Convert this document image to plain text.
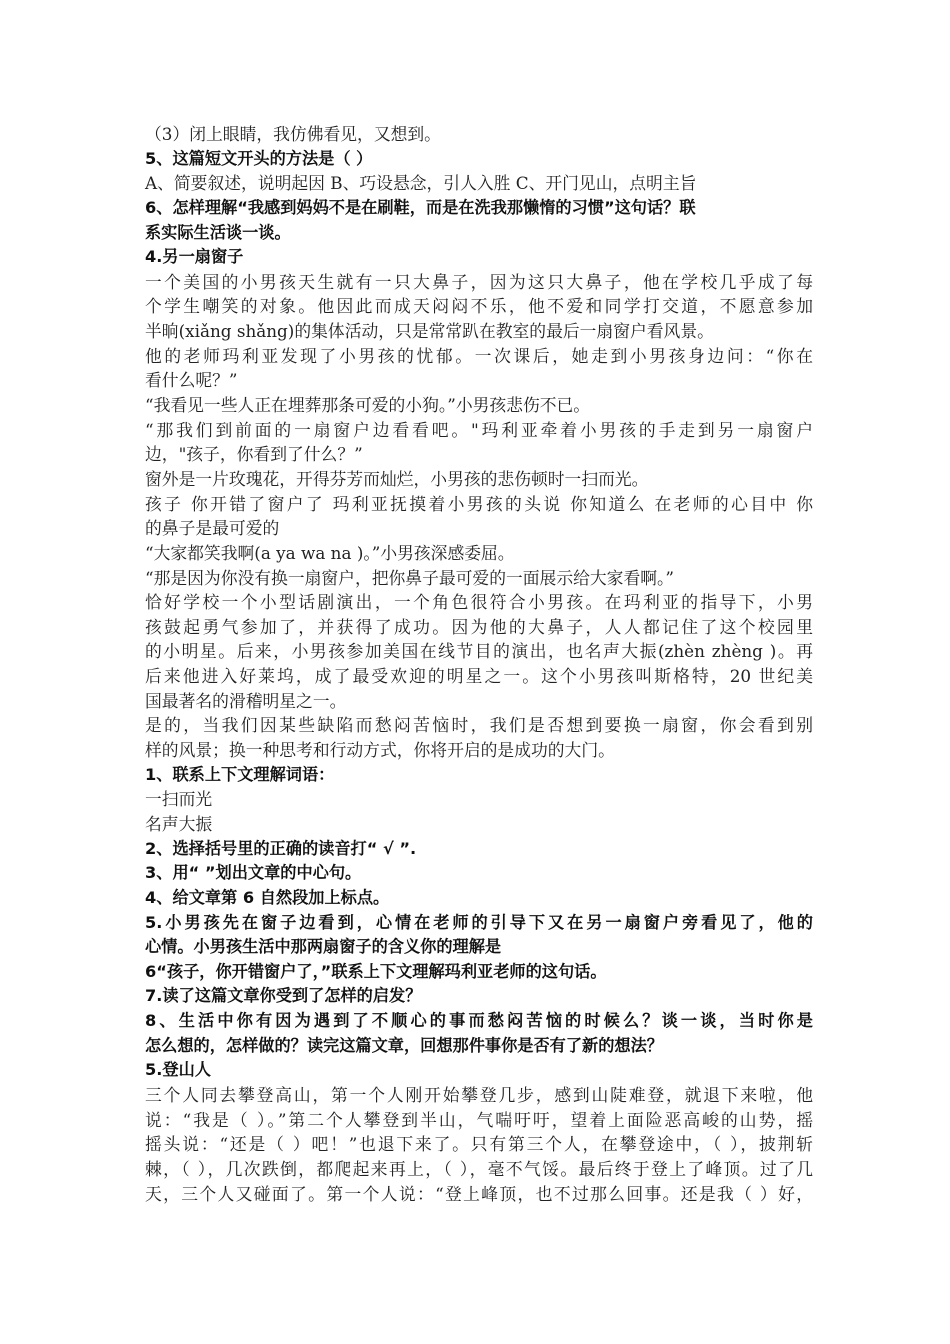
（3）闭上眼睛，我仿佛看见，又想到。
5、这篇短文开头的方法是（ ）
A、简要叙述，说明起因 B、巧设悬念，引人入胜 C、开门见山，点明主旨
6、怎样理解“我感到妈妈不是在刷鞋，而是在洗我那懒惰的习惯”这句话？联
系实际生活谈一谈。
4.另一扇窗子
一个美国的小男孩天生就有一只大鼻子，因为这只大鼻子，他在学校几乎成了每
个学生嘲笑的对象。他因此而成天闷闷不乐，他不爱和同学打交道，不愿意参加
半晌(xiǎng shǎng)的集体活动，只是常常趴在教室的最后一扇窗户看风景。
他的老师玛利亚发现了小男孩的忧郁。一次课后，她走到小男孩身边问：“你在
看什么呢？”
“我看见一些人正在埋葬那条可爱的小狗。”小男孩悲伤不已。
“那我们到前面的一扇窗户边看看吧。"玛利亚牵着小男孩的手走到另一扇窗户
边，"孩子，你看到了什么？”
窗外是一片玫瑰花，开得芬芳而灿烂，小男孩的悲伤顿时一扫而光。
孩子 你开错了窗户了 玛利亚抚摸着小男孩的头说 你知道么 在老师的心目中 你
的鼻子是最可爱的
“大家都笑我啊(a ya wa na )。”小男孩深感委屈。
“那是因为你没有换一扇窗户，把你鼻子最可爱的一面展示给大家看啊。”
恰好学校一个小型话剧演出，一个角色很符合小男孩。在玛利亚的指导下，小男
孩鼓起勇气参加了，并获得了成功。因为他的大鼻子，人人都记住了这个校园里
的小明星。后来，小男孩参加美国在线节目的演出，也名声大振(zhèn zhèng )。再
后来他进入好莱坞，成了最受欢迎的明星之一。这个小男孩叫斯格特，20 世纪美
国最著名的滑稽明星之一。
是的，当我们因某些缺陷而愁闷苦恼时，我们是否想到要换一扇窗，你会看到别
样的风景；换一种思考和行动方式，你将开启的是成功的大门。
1、联系上下文理解词语：
一扫而光
名声大振
2、选择括号里的正确的读音打“ √ ”.
3、用“ ”划出文章的中心句。
4、给文章第 6 自然段加上标点。
5.小男孩先在窗子边看到，心情在老师的引导下又在另一扇窗户旁看见了，他的
心情。小男孩生活中那两扇窗子的含义你的理解是
6“孩子，你开错窗户了，”联系上下文理解玛利亚老师的这句话。
7.读了这篇文章你受到了怎样的启发？
8、生活中你有因为遇到了不顺心的事而愁闷苦恼的时候么？谈一谈，当时你是
怎么想的，怎样做的？读完这篇文章，回想那件事你是否有了新的想法？
5.登山人
三个人同去攀登高山，第一个人刚开始攀登几步，感到山陡难登，就退下来啦，他
说：“我是（ ）。”第二个人攀登到半山，气喘吁吁，望着上面险恶高峻的山势，摇
摇头说：“还是（ ）吧！”也退下来了。只有第三个人，在攀登途中，（ ），披荆斩
棘，（ ），几次跌倒，都爬起来再上，（ ），毫不气馁。最后终于登上了峰顶。过了几
天，三个人又碰面了。第一个人说：“登上峰顶，也不过那么回事。还是我（ ）好，
